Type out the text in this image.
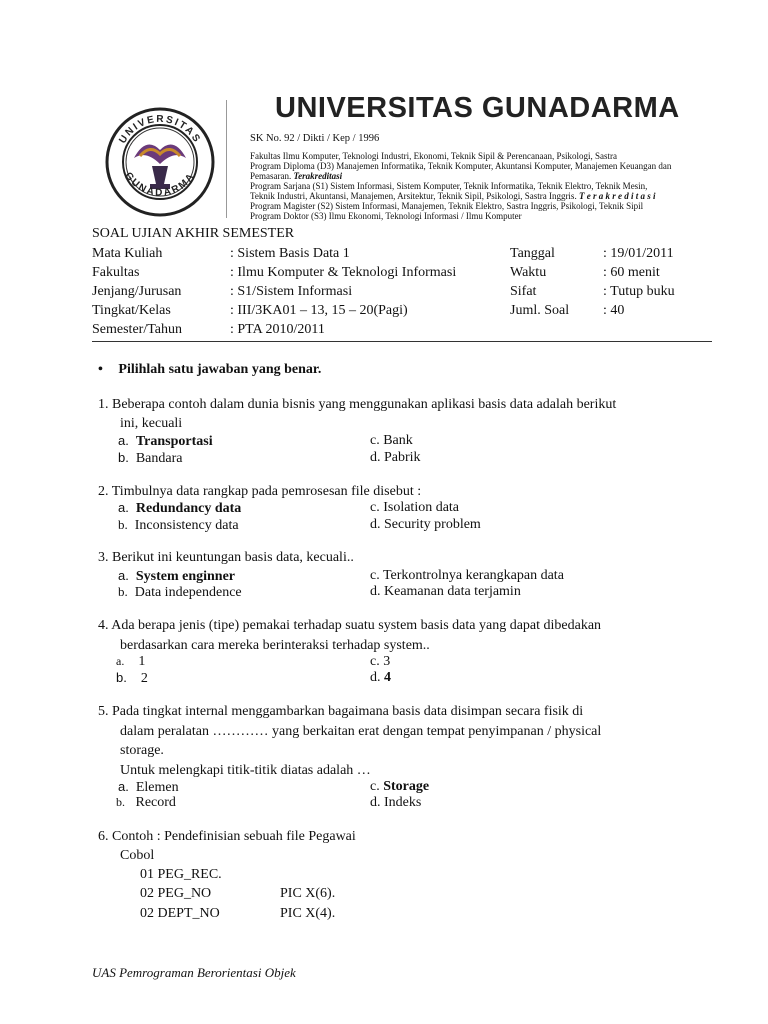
UNIVERSITAS
GUNADARMA
UNIVERSITAS GUNADARMA
SK No. 92 / Dikti / Kep / 1996
Fakultas Ilmu Komputer, Teknologi Industri, Ekonomi, Teknik Sipil & Perencanaan, Psikologi, Sastra
Program Diploma (D3) Manajemen Informatika, Teknik Komputer, Akuntansi Komputer, Manajemen Keuangan dan
Pemasaran. Terakreditasi
Program Sarjana (S1) Sistem Informasi, Sistem Komputer, Teknik Informatika, Teknik Elektro, Teknik Mesin,
Teknik Industri, Akuntansi, Manajemen, Arsitektur, Teknik Sipil, Psikologi, Sastra Inggris. T e r a k r e d i t a s i
Program Magister (S2) Sistem Informasi, Manajemen, Teknik Elektro, Sastra Inggris, Psikologi, Teknik Sipil
Program Doktor (S3) Ilmu Ekonomi, Teknologi Informasi / Ilmu Komputer
SOAL UJIAN AKHIR SEMESTER
Mata Kuliah	: Sistem Basis Data 1
Fakultas	: Ilmu Komputer & Teknologi Informasi
Jenjang/Jurusan	: S1/Sistem Informasi
Tingkat/Kelas	: III/3KA01 – 13, 15 – 20(Pagi)
Semester/Tahun	: PTA 2010/2011
Tanggal	: 19/01/2011
Waktu	: 60 menit
Sifat	: Tutup buku
Juml. Soal : 40
• Pilihlah satu jawaban yang benar.
1. Beberapa contoh dalam dunia bisnis yang menggunakan aplikasi basis data adalah berikut
ini, kecuali
a. Transportasi	c. Bank
b. Bandara	d. Pabrik
2. Timbulnya data rangkap pada pemrosesan file disebut :
a. Redundancy data	c. Isolation data
b. Inconsistency data	d. Security problem
3. Berikut ini keuntungan basis data, kecuali..
a. System enginner	c. Terkontrolnya kerangkapan data
b. Data independence	d. Keamanan data terjamin
4. Ada berapa jenis (tipe) pemakai terhadap suatu system basis data yang dapat dibedakan
berdasarkan cara mereka berinteraksi terhadap system..
a. 1	c. 3
b. 2	d. 4
5. Pada tingkat internal menggambarkan bagaimana basis data disimpan secara fisik di
dalam peralatan ………… yang berkaitan erat dengan tempat penyimpanan / physical
storage.
Untuk melengkapi titik-titik diatas adalah …
a. Elemen	c. Storage
b. Record	d. Indeks
6. Contoh : Pendefinisian sebuah file Pegawai
Cobol
01 PEG_REC.
02 PEG_NO	PIC X(6).
02 DEPT_NO	PIC X(4).
UAS Pemrograman Berorientasi Objek
